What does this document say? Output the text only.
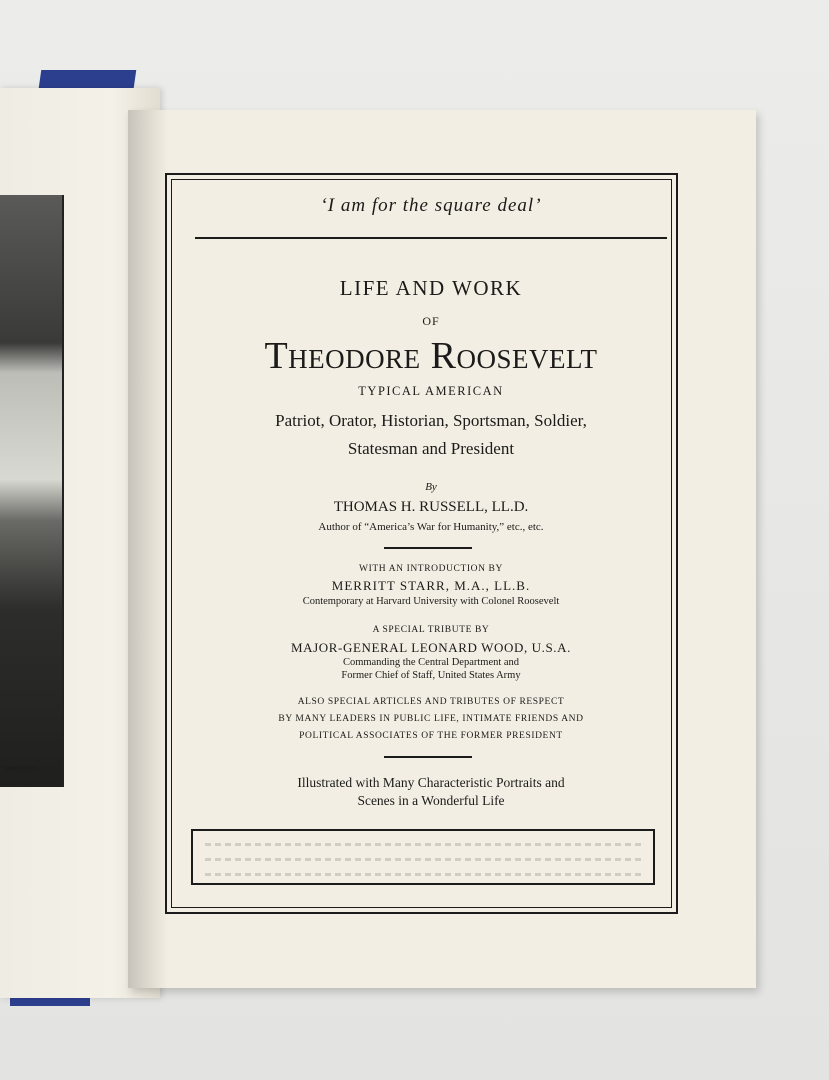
RWOOD
‘I am for the square deal’
LIFE AND WORK
OF
Theodore Roosevelt
TYPICAL AMERICAN
Patriot, Orator, Historian, Sportsman, Soldier,
Statesman and President
By
THOMAS H. RUSSELL, LL.D.
Author of “America’s War for Humanity,” etc., etc.
WITH AN INTRODUCTION BY
MERRITT STARR, M.A., LL.B.
Contemporary at Harvard University with Colonel Roosevelt
A SPECIAL TRIBUTE BY
MAJOR-GENERAL LEONARD WOOD, U.S.A.
Commanding the Central Department and
Former Chief of Staff, United States Army
ALSO SPECIAL ARTICLES AND TRIBUTES OF RESPECT
BY MANY LEADERS IN PUBLIC LIFE, INTIMATE FRIENDS AND
POLITICAL ASSOCIATES OF THE FORMER PRESIDENT
Illustrated with Many Characteristic Portraits and
Scenes in a Wonderful Life
